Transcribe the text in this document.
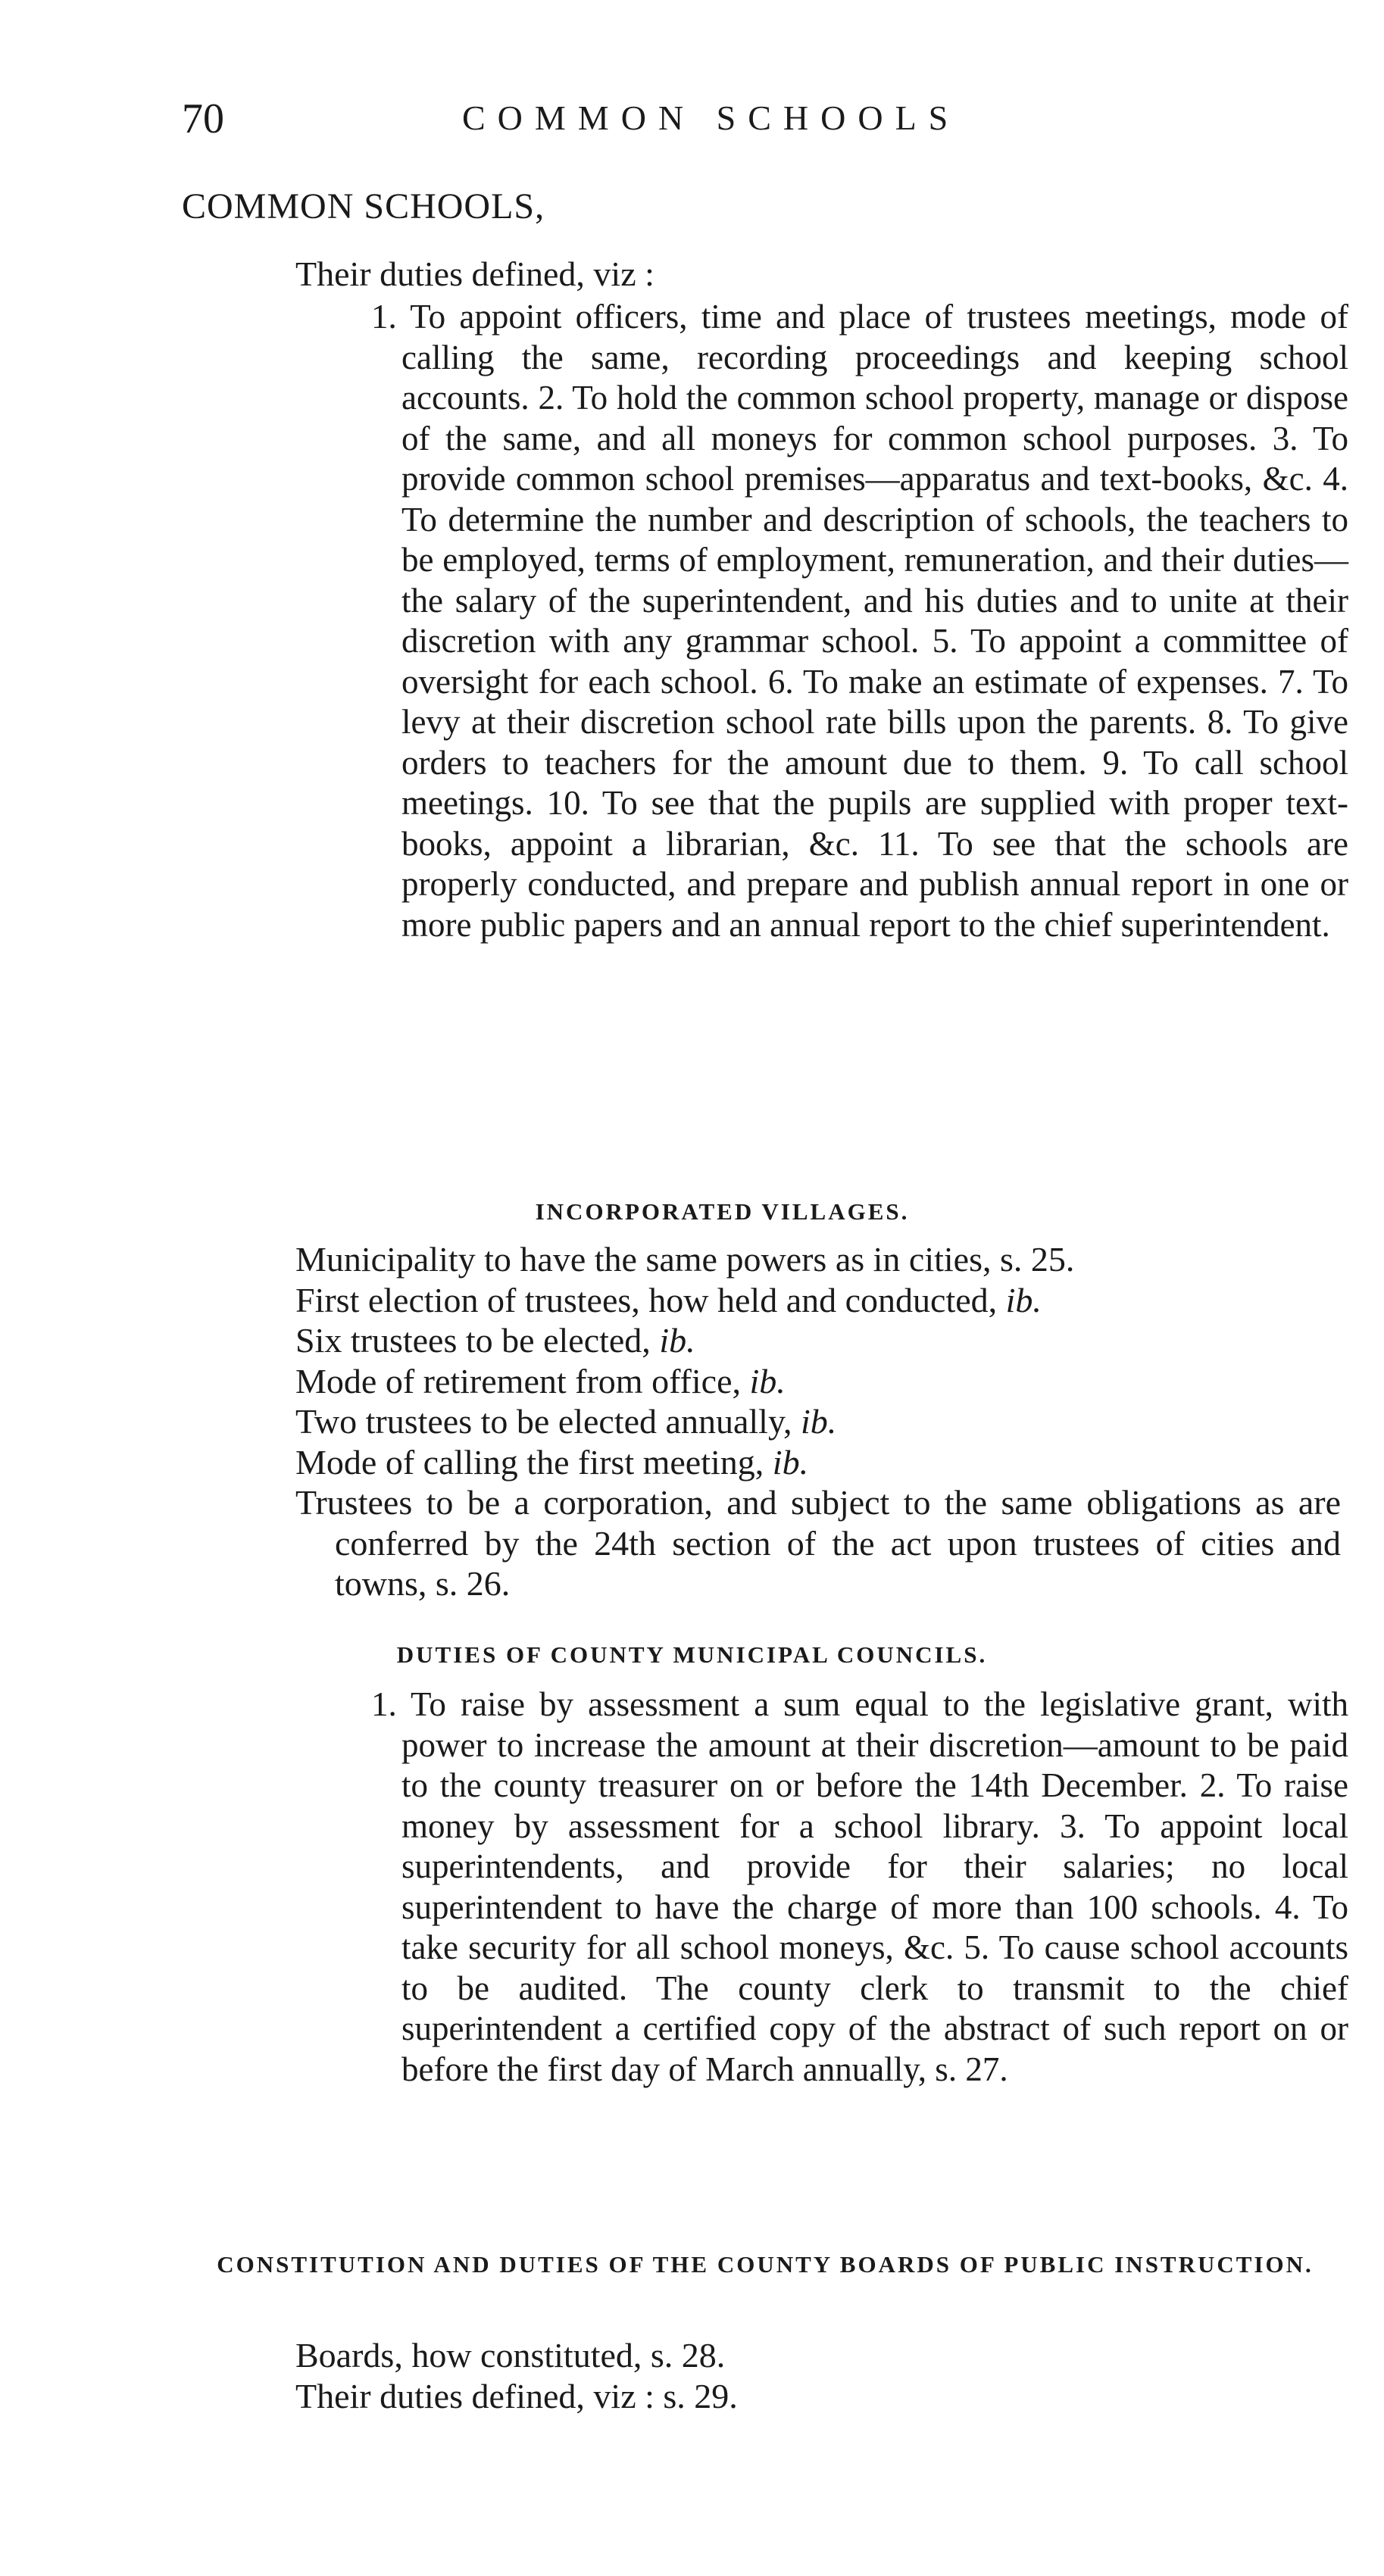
70	COMMON SCHOOLS
COMMON SCHOOLS,
Their duties defined, viz :

1. To appoint officers, time and place of trustees meetings, mode of calling the same, recording proceedings and keeping school accounts. 2. To hold the common school property, manage or dispose of the same, and all moneys for common school purposes. 3. To provide common school premises—apparatus and text-books, &c. 4. To determine the number and description of schools, the teachers to be employed, terms of employment, remuneration, and their duties—the salary of the superintendent, and his duties and to unite at their discretion with any grammar school. 5. To appoint a committee of oversight for each school. 6. To make an estimate of expenses. 7. To levy at their discretion school rate bills upon the parents. 8. To give orders to teachers for the amount due to them. 9. To call school meetings. 10. To see that the pupils are supplied with proper text-books, appoint a librarian, &c. 11. To see that the schools are properly conducted, and prepare and publish annual report in one or more public papers and an annual report to the chief superintendent.

INCORPORATED VILLAGES.
Municipality to have the same powers as in cities, s. 25.
First election of trustees, how held and conducted, ib.
Six trustees to be elected, ib.
Mode of retirement from office, ib.
Two trustees to be elected annually, ib.
Mode of calling the first meeting, ib.
Trustees to be a corporation, and subject to the same obligations as are conferred by the 24th section of the act upon trustees of cities and towns, s. 26.
DUTIES OF COUNTY MUNICIPAL COUNCILS.

1. To raise by assessment a sum equal to the legislative grant, with power to increase the amount at their discretion—amount to be paid to the county treasurer on or before the 14th December. 2. To raise money by assessment for a school library. 3. To appoint local superintendents, and provide for their salaries; no local superintendent to have the charge of more than 100 schools. 4. To take security for all school moneys, &c. 5. To cause school accounts to be audited. The county clerk to transmit to the chief superintendent a certified copy of the abstract of such report on or before the first day of March annually, s. 27.

CONSTITUTION AND DUTIES OF THE COUNTY BOARDS OF PUBLIC INSTRUCTION.
Boards, how constituted, s. 28.
Their duties defined, viz : s. 29.
